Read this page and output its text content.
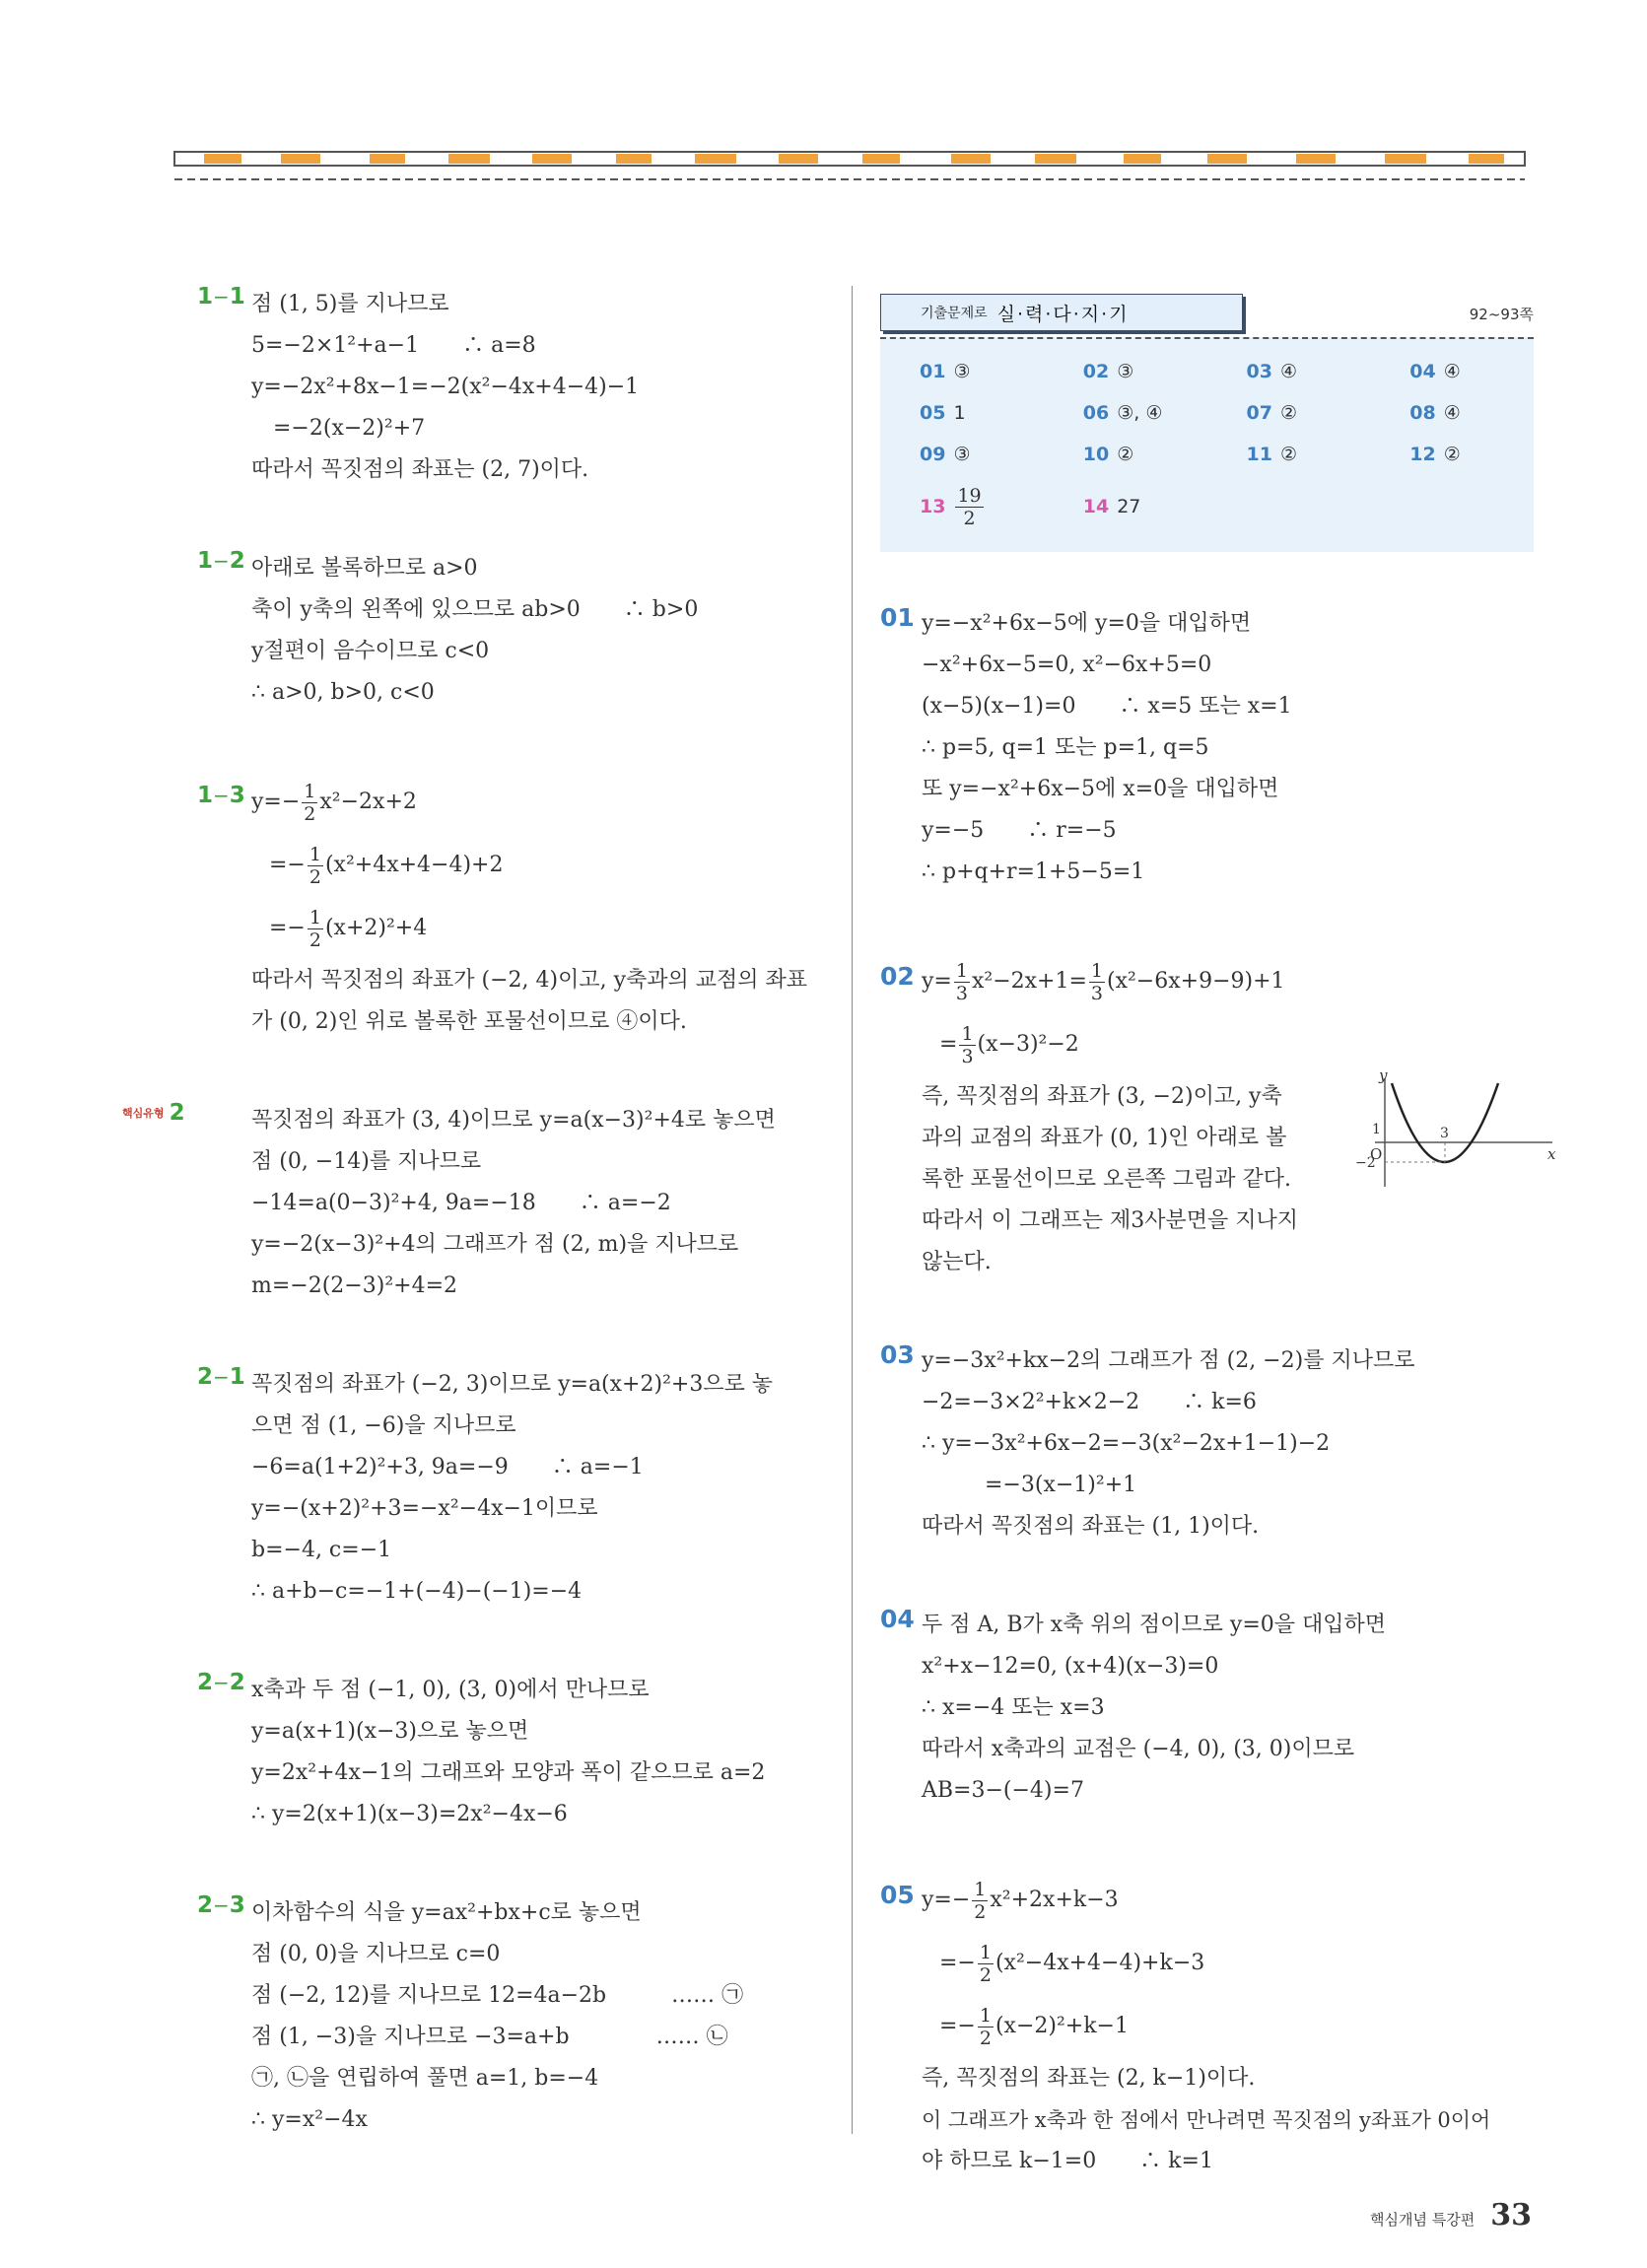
1−1 점 (1, 5)를 지나므로
5=−2×1²+a−1　　∴ a=8
y=−2x²+8x−1=−2(x²−4x+4−4)−1
　=−2(x−2)²+7
따라서 꼭짓점의 좌표는 (2, 7)이다.
1−2 아래로 볼록하므로 a>0
축이 y축의 왼쪽에 있으므로 ab>0　　∴ b>0
y절편이 음수이므로 c<0
∴ a>0, b>0, c<0
1−3 $y=- \frac{1}{2} x^2-2x+2$
=− $\frac{1}{2} (x^2+4x+4-4)+2$
=− $\frac{1}{2} (x+2)^2+4$
따라서 꼭짓점의 좌표가 (−2, 4)이고, y축과의 교점의 좌표
가 (0, 2)인 위로 볼록한 포물선이므로 ④이다.
핵심유형 2	꼭짓점의 좌표가 (3, 4)이므로 y=a(x−3)²+4로 놓으면
점 (0, −14)를 지나므로
−14=a(0−3)²+4, 9a=−18　　∴ a=−2
y=−2(x−3)²+4의 그래프가 점 (2, m)을 지나므로
m=−2(2−3)²+4=2
2−1 꼭짓점의 좌표가 (−2, 3)이므로 y=a(x+2)²+3으로 놓
으면 점 (1, −6)을 지나므로
−6=a(1+2)²+3, 9a=−9　　∴ a=−1
y=−(x+2)²+3=−x²−4x−1이므로
b=−4, c=−1
∴ a+b−c=−1+(−4)−(−1)=−4
2−2 x축과 두 점 (−1, 0), (3, 0)에서 만나므로
y=a(x+1)(x−3)으로 놓으면
y=2x²+4x−1의 그래프와 모양과 폭이 같으므로 a=2
∴ y=2(x+1)(x−3)=2x²−4x−6
2−3 이차함수의 식을 y=ax²+bx+c로 놓으면
점 (0, 0)을 지나므로 c=0
점 (−2, 12)를 지나므로 12=4a−2b　　　…… ㉠
점 (1, −3)을 지나므로 −3=a+b　　　　…… ㉡
㉠, ㉡을 연립하여 풀면 a=1, b=−4
∴ y=x²−4x
기출문제로 실·력·다·지·기	92~93쪽
01 ③	02 ③	03 ④	04 ④
05 1	06 ③, ④	07 ②	08 ④
09 ③	10 ②	11 ②	12 ②
$13 \frac{19}{2}$	14 27
01 y=−x²+6x−5에 y=0을 대입하면
−x²+6x−5=0, x²−6x+5=0
(x−5)(x−1)=0　　∴ x=5 또는 x=1
∴ p=5, q=1 또는 p=1, q=5
또 y=−x²+6x−5에 x=0을 대입하면
y=−5　　∴ r=−5
∴ p+q+r=1+5−5=1
02 $y= \frac{1}{3} x^2-2x+1= \frac{1}{3} (x^2-6x+9-9)+1$
= $\frac{1}{3} (x-3)^2-2$
즉, 꼭짓점의 좌표가 (3, −2)이고, y축
과의 교점의 좌표가 (0, 1)인 아래로 볼
록한 포물선이므로 오른쪽 그림과 같다.
따라서 이 그래프는 제3사분면을 지나지
않는다.
y
x
O
1	3
−2
03 y=−3x²+kx−2의 그래프가 점 (2, −2)를 지나므로
−2=−3×2²+k×2−2　　∴ k=6
∴ y=−3x²+6x−2=−3(x²−2x+1−1)−2
　=−3(x−1)²+1
따라서 꼭짓점의 좌표는 (1, 1)이다.
04 두 점 A, B가 x축 위의 점이므로 y=0을 대입하면
x²+x−12=0, (x+4)(x−3)=0
∴ x=−4 또는 x=3
따라서 x축과의 교점은 (−4, 0), (3, 0)이므로
AB=3−(−4)=7
05 $y=- \frac{1}{2} x^2+2x+k-3$
=− $\frac{1}{2} (x^2-4x+4-4)+k-3$
=− $\frac{1}{2} (x-2)^2+k-1$
즉, 꼭짓점의 좌표는 (2, k−1)이다.
이 그래프가 x축과 한 점에서 만나려면 꼭짓점의 y좌표가 0이어
야 하므로 k−1=0　　∴ k=1
핵심개념 특강편 33
